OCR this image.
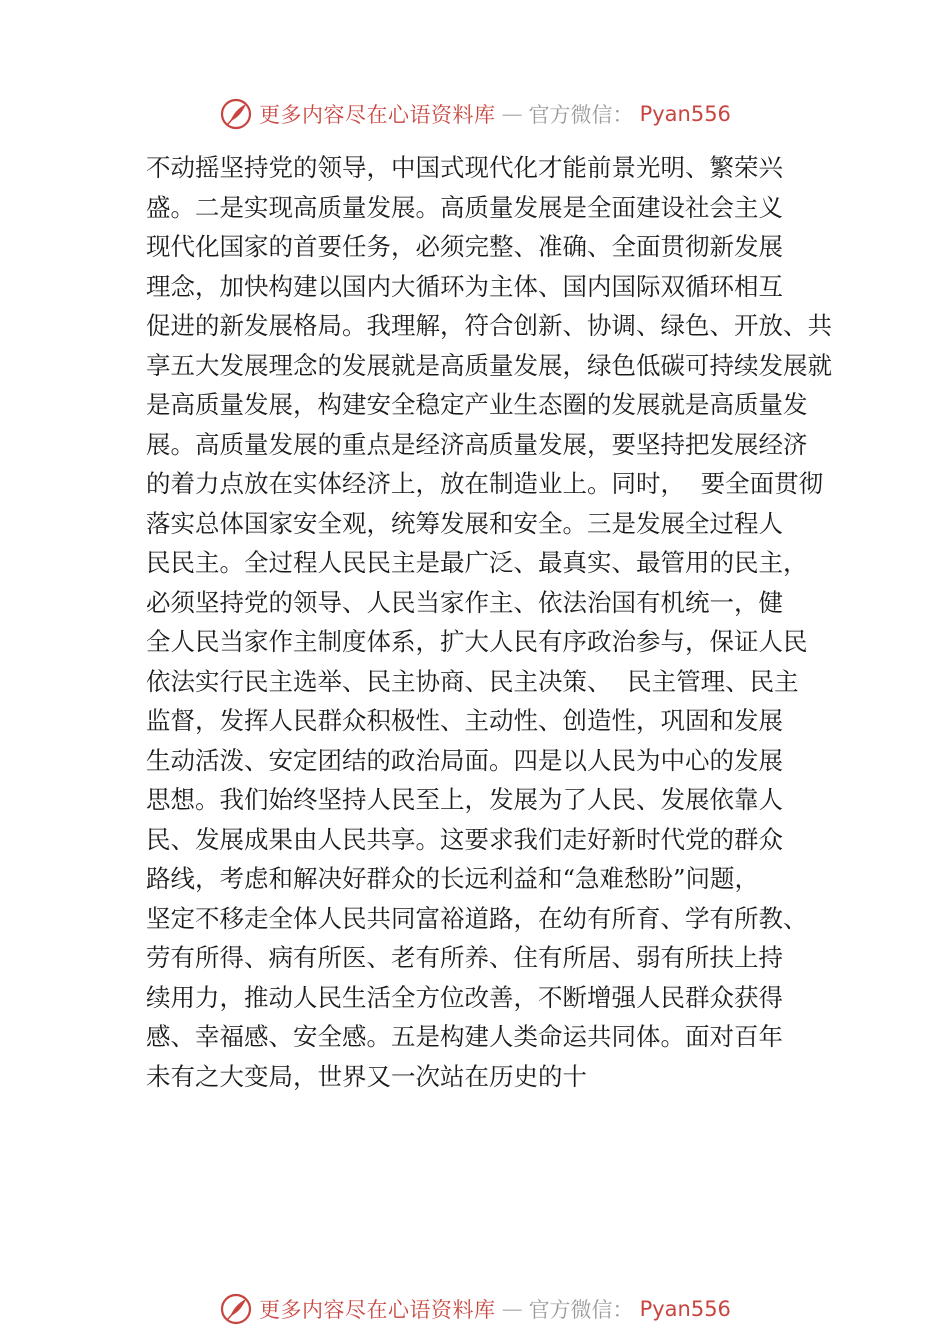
更多内容尽在心语资料库 — 官方微信： Pyan556
不动摇坚持党的领导，中国式现代化才能前景光明、繁荣兴
盛。二是实现高质量发展。高质量发展是全面建设社会主义
现代化国家的首要任务，必须完整、准确、全面贯彻新发展
理念，加快构建以国内大循环为主体、国内国际双循环相互
促进的新发展格局。我理解，符合创新、协调、绿色、开放、共
享五大发展理念的发展就是高质量发展，绿色低碳可持续发展就
是高质量发展，构建安全稳定产业生态圈的发展就是高质量发
展。高质量发展的重点是经济高质量发展，要坚持把发展经济
的着力点放在实体经济上，放在制造业上。同时，  要全面贯彻
落实总体国家安全观，统筹发展和安全。三是发展全过程人
民民主。全过程人民民主是最广泛、最真实、最管用的民主，
必须坚持党的领导、人民当家作主、依法治国有机统一，健
全人民当家作主制度体系，扩大人民有序政治参与，保证人民
依法实行民主选举、民主协商、民主决策、  民主管理、民主
监督，发挥人民群众积极性、主动性、创造性，巩固和发展
生动活泼、安定团结的政治局面。四是以人民为中心的发展
思想。我们始终坚持人民至上，发展为了人民、发展依靠人
民、发展成果由人民共享。这要求我们走好新时代党的群众
路线，考虑和解决好群众的长远利益和“急难愁盼”问题，
坚定不移走全体人民共同富裕道路，在幼有所育、学有所教、
劳有所得、病有所医、老有所养、住有所居、弱有所扶上持
续用力，推动人民生活全方位改善，不断增强人民群众获得
感、幸福感、安全感。五是构建人类命运共同体。面对百年
未有之大变局，世界又一次站在历史的十
更多内容尽在心语资料库 — 官方微信： Pyan556
